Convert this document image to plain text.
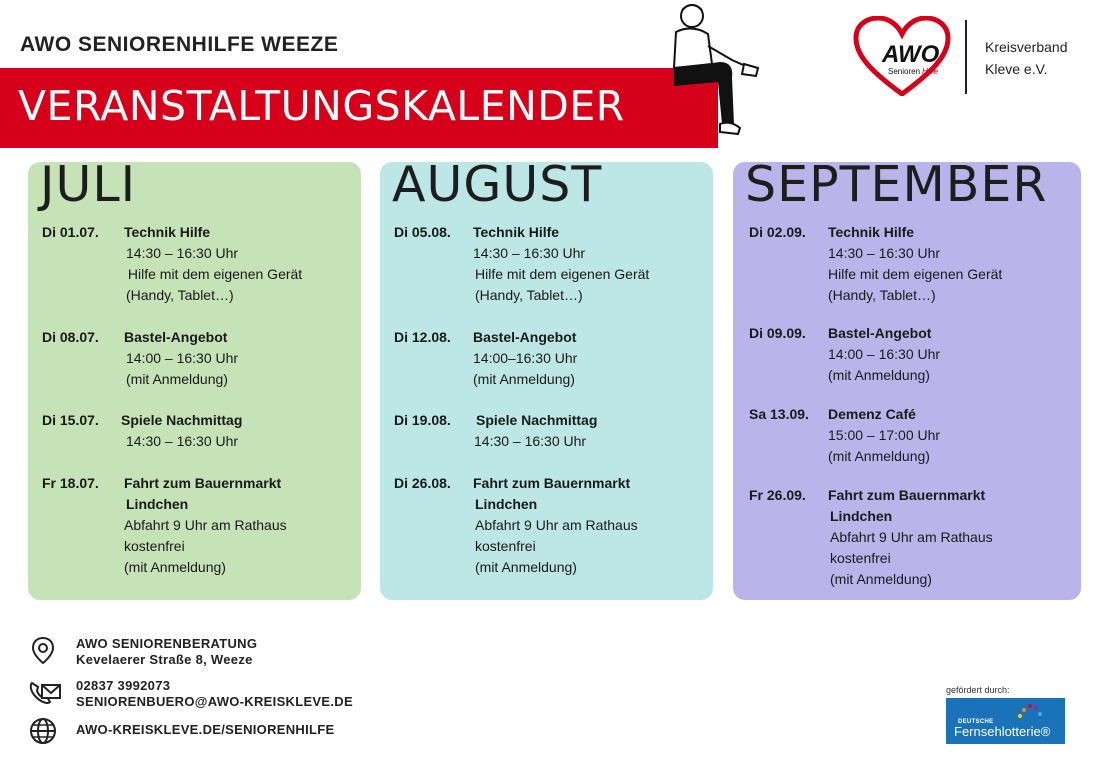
AWO SENIORENHILFE WEEZE
VERANSTALTUNGSKALENDER
AWO
Senioren Hilfe
Kreisverband
Kleve e.V.
JULI
Di 01.07. Technik Hilfe
14:30 – 16:30 Uhr
Hilfe mit dem eigenen Gerät
(Handy, Tablet…)
Di 08.07. Bastel-Angebot
14:00 – 16:30 Uhr
(mit Anmeldung)
Di 15.07. Spiele Nachmittag
14:30 – 16:30 Uhr
Fr 18.07. Fahrt zum Bauernmarkt
Lindchen
Abfahrt 9 Uhr am Rathaus
kostenfrei
(mit Anmeldung)
AUGUST
Di 05.08. Technik Hilfe
14:30 – 16:30 Uhr
Hilfe mit dem eigenen Gerät
(Handy, Tablet…)
Di 12.08. Bastel-Angebot
14:00–16:30 Uhr
(mit Anmeldung)
Di 19.08. Spiele Nachmittag
14:30 – 16:30 Uhr
Di 26.08. Fahrt zum Bauernmarkt
Lindchen
Abfahrt 9 Uhr am Rathaus
kostenfrei
(mit Anmeldung)
SEPTEMBER
Di 02.09. Technik Hilfe
14:30 – 16:30 Uhr
Hilfe mit dem eigenen Gerät
(Handy, Tablet…)
Di 09.09. Bastel-Angebot
14:00 – 16:30 Uhr
(mit Anmeldung)
Sa 13.09. Demenz Café
15:00 – 17:00 Uhr
(mit Anmeldung)
Fr 26.09. Fahrt zum Bauernmarkt
Lindchen
Abfahrt 9 Uhr am Rathaus
kostenfrei
(mit Anmeldung)
AWO SENIORENBERATUNG
Kevelaerer Straße 8, Weeze
02837 3992073
SENIORENBUERO@AWO-KREISKLEVE.DE
AWO-KREISKLEVE.DE/SENIORENHILFE
gefördert durch:
DEUTSCHE
Fernsehlotterie®
